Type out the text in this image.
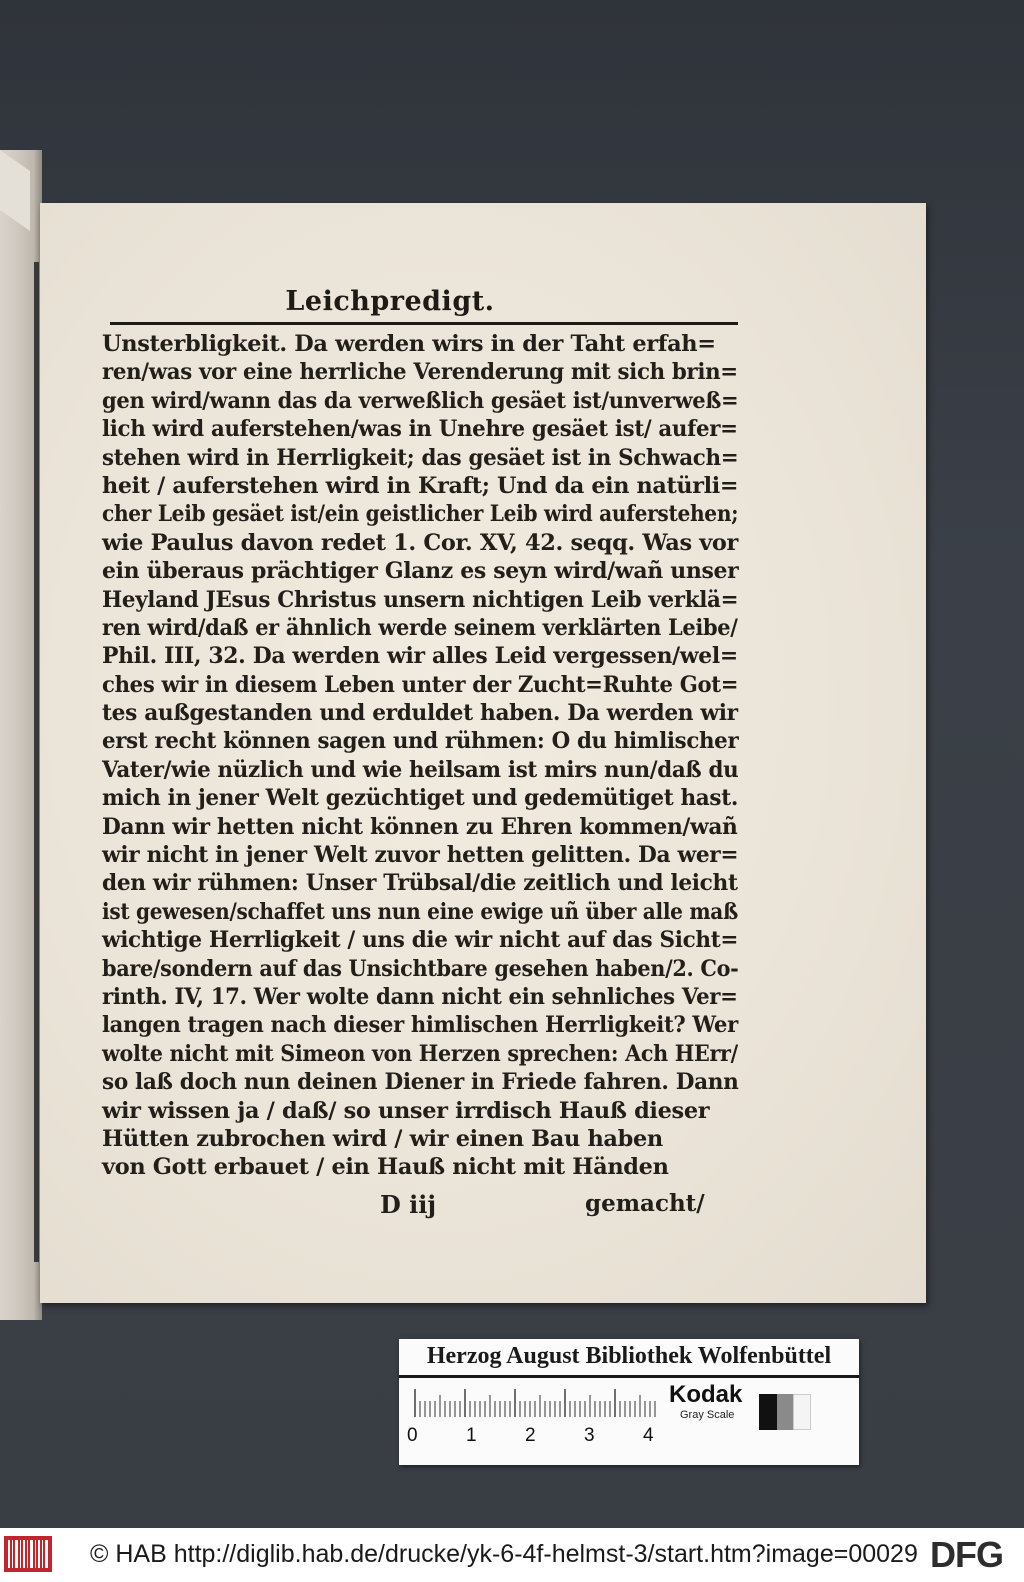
Leichpredigt.
Unsterbligkeit. Da werden wirs in der Taht erfah=
ren/was vor eine herrliche Verenderung mit sich brin=
gen wird/wann das da verweßlich gesäet ist/unverweß=
lich wird auferstehen/was in Unehre gesäet ist/ aufer=
stehen wird in Herrligkeit; das gesäet ist in Schwach=
heit / auferstehen wird in Kraft; Und da ein natürli=
cher Leib gesäet ist/ein geistlicher Leib wird auferstehen;
wie Paulus davon redet 1. Cor. XV, 42. seqq. Was vor
ein überaus prächtiger Glanz es seyn wird/wañ unser
Heyland JEsus Christus unsern nichtigen Leib verklä=
ren wird/daß er ähnlich werde seinem verklärten Leibe/
Phil. III, 32. Da werden wir alles Leid vergessen/wel=
ches wir in diesem Leben unter der Zucht=Ruhte Got=
tes außgestanden und erduldet haben. Da werden wir
erst recht können sagen und rühmen: O du himlischer
Vater/wie nüzlich und wie heilsam ist mirs nun/daß du
mich in jener Welt gezüchtiget und gedemütiget hast.
Dann wir hetten nicht können zu Ehren kommen/wañ
wir nicht in jener Welt zuvor hetten gelitten. Da wer=
den wir rühmen: Unser Trübsal/die zeitlich und leicht
ist gewesen/schaffet uns nun eine ewige uñ über alle maß
wichtige Herrligkeit / uns die wir nicht auf das Sicht=
bare/sondern auf das Unsichtbare gesehen haben/2. Co-
rinth. IV, 17. Wer wolte dann nicht ein sehnliches Ver=
langen tragen nach dieser himlischen Herrligkeit? Wer
wolte nicht mit Simeon von Herzen sprechen: Ach HErr/
so laß doch nun deinen Diener in Friede fahren. Dann
wir wissen ja / daß/ so unser irrdisch Hauß dieser
Hütten zubrochen wird / wir einen Bau haben
von Gott erbauet / ein Hauß nicht mit Händen
D iij	gemacht/
Herzog August Bibliothek Wolfenbüttel
0	1	2	3	4
Kodak
Gray Scale
© HAB http://diglib.hab.de/drucke/yk-6-4f-helmst-3/start.htm?image=00029 DFG
